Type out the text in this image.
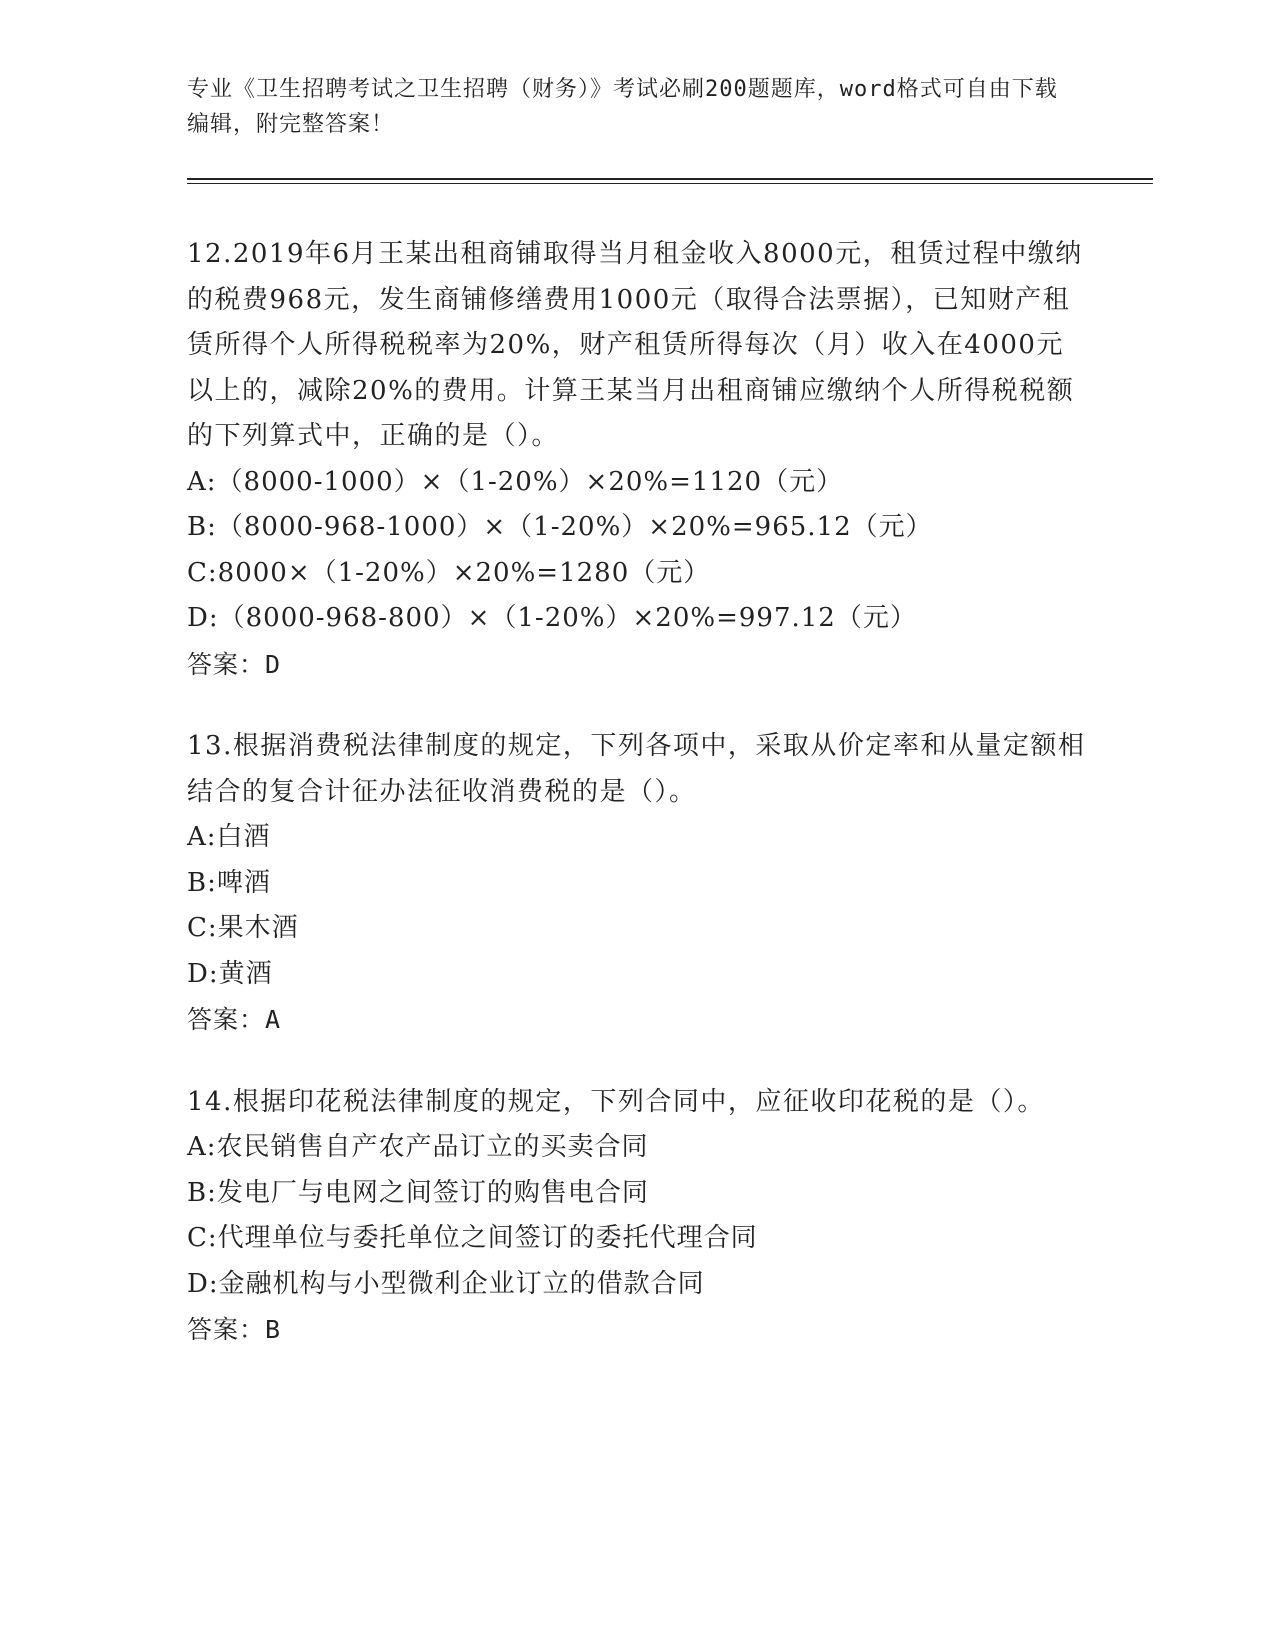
专业《卫生招聘考试之卫生招聘（财务）》考试必刷200题题库，word格式可自由下载编辑，附完整答案！

12.2019年6月王某出租商铺取得当月租金收入8000元，租赁过程中缴纳的税费968元，发生商铺修缮费用1000元（取得合法票据），已知财产租赁所得个人所得税税率为20%，财产租赁所得每次（月）收入在4000元以上的，减除20%的费用。计算王某当月出租商铺应缴纳个人所得税税额的下列算式中，正确的是（）。

A:（8000-1000）×（1-20%）×20%=1120（元）

B:（8000-968-1000）×（1-20%）×20%=965.12（元）

C:8000×（1-20%）×20%=1280（元）

D:（8000-968-800）×（1-20%）×20%=997.12（元）

答案：D

13.根据消费税法律制度的规定，下列各项中，采取从价定率和从量定额相结合的复合计征办法征收消费税的是（）。

A:白酒

B:啤酒

C:果木酒

D:黄酒

答案：A

14.根据印花税法律制度的规定，下列合同中，应征收印花税的是（）。

A:农民销售自产农产品订立的买卖合同

B:发电厂与电网之间签订的购售电合同

C:代理单位与委托单位之间签订的委托代理合同

D:金融机构与小型微利企业订立的借款合同

答案：B
